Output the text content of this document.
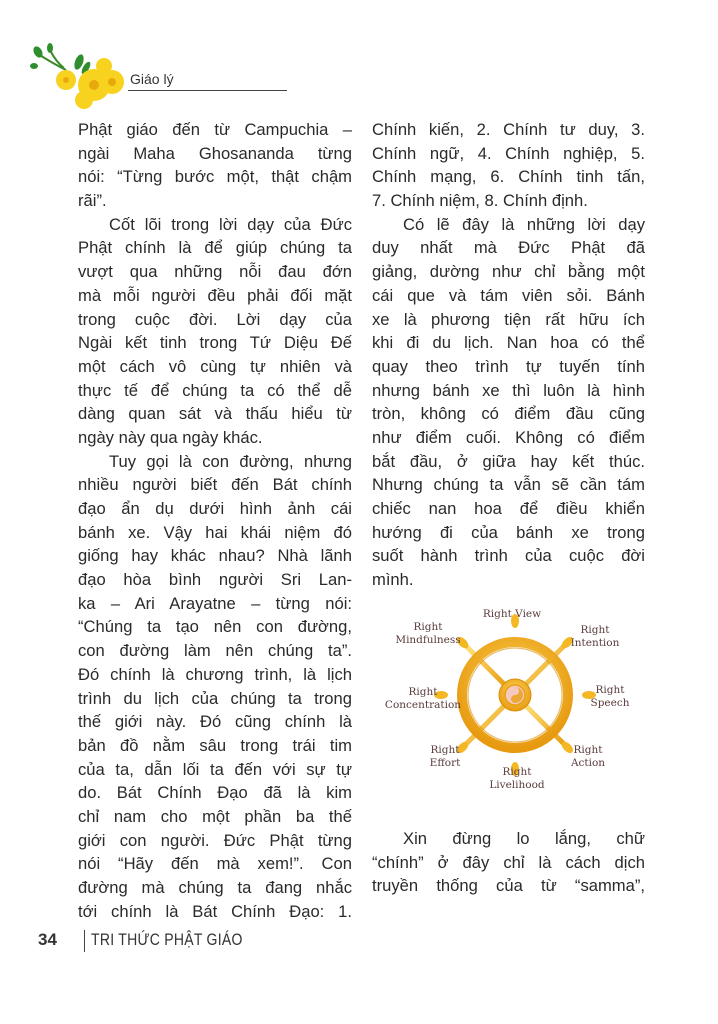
Giáo lý
Phật giáo đến từ Campuchia –
ngài Maha Ghosananda từng
nói: “Từng bước một, thật chậm
rãi”.
Cốt lõi trong lời dạy của Đức
Phật chính là để giúp chúng ta
vượt qua những nỗi đau đớn
mà mỗi người đều phải đối mặt
trong cuộc đời. Lời dạy của
Ngài kết tinh trong Tứ Diệu Đế
một cách vô cùng tự nhiên và
thực tế để chúng ta có thể dễ
dàng quan sát và thấu hiểu từ
ngày này qua ngày khác.
Tuy gọi là con đường, nhưng
nhiều người biết đến Bát chính
đạo ẩn dụ dưới hình ảnh cái
bánh xe. Vậy hai khái niệm đó
giống hay khác nhau? Nhà lãnh
đạo hòa bình người Sri Lan-
ka – Ari Arayatne – từng nói:
“Chúng ta tạo nên con đường,
con đường làm nên chúng ta”.
Đó chính là chương trình, là lịch
trình du lịch của chúng ta trong
thế giới này. Đó cũng chính là
bản đồ nằm sâu trong trái tim
của ta, dẫn lối ta đến với sự tự
do. Bát Chính Đạo đã là kim
chỉ nam cho một phần ba thế
giới con người. Đức Phật từng
nói “Hãy đến mà xem!”. Con
đường mà chúng ta đang nhắc
tới chính là Bát Chính Đạo: 1.
Chính kiến, 2. Chính tư duy, 3.
Chính ngữ, 4. Chính nghiệp, 5.
Chính mạng, 6. Chính tinh tấn,
7. Chính niệm, 8. Chính định.
Có lẽ đây là những lời dạy
duy nhất mà Đức Phật đã
giảng, dường như chỉ bằng một
cái que và tám viên sỏi. Bánh
xe là phương tiện rất hữu ích
khi đi du lịch. Nan hoa có thể
quay theo trình tự tuyến tính
nhưng bánh xe thì luôn là hình
tròn, không có điểm đầu cũng
như điểm cuối. Không có điểm
bắt đầu, ở giữa hay kết thúc.
Nhưng chúng ta vẫn sẽ cần tám
chiếc nan hoa để điều khiển
hướng đi của bánh xe trong
suốt hành trình của cuộc đời
mình.
Right View
Right Intention
Right Speech
Right Action
Right Livelihood
Right Effort
Right Concentration
Right Mindfulness
Xin đừng lo lắng, chữ
“chính” ở đây chỉ là cách dịch
truyền thống của từ “samma”,
34 TRI THỨC PHẬT GIÁO
